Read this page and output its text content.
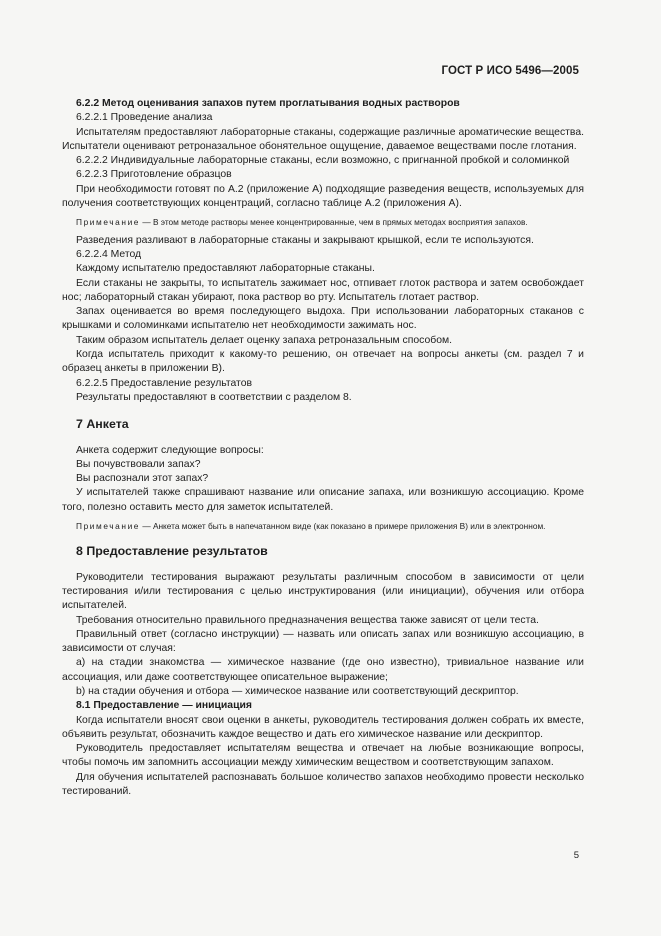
ГОСТ Р ИСО 5496—2005

6.2.2 Метод оценивания запахов путем проглатывания водных растворов

6.2.2.1 Проведение анализа

Испытателям предоставляют лабораторные стаканы, содержащие различные ароматические вещества. Испытатели оценивают ретроназальное обонятельное ощущение, даваемое веществами после глотания.

6.2.2.2 Индивидуальные лабораторные стаканы, если возможно, с пригнанной пробкой и соломинкой

6.2.2.3 Приготовление образцов

При необходимости готовят по А.2 (приложение А) подходящие разведения веществ, используемых для получения соответствующих концентраций, согласно таблице А.2 (приложения А).

Примечание — В этом методе растворы менее концентрированные, чем в прямых методах восприятия запахов.

Разведения разливают в лабораторные стаканы и закрывают крышкой, если те используются.

6.2.2.4 Метод

Каждому испытателю предоставляют лабораторные стаканы.

Если стаканы не закрыты, то испытатель зажимает нос, отпивает глоток раствора и затем освобождает нос; лабораторный стакан убирают, пока раствор во рту. Испытатель глотает раствор.

Запах оценивается во время последующего выдоха. При использовании лабораторных стаканов с крышками и соломинками испытателю нет необходимости зажимать нос.

Таким образом испытатель делает оценку запаха ретроназальным способом.

Когда испытатель приходит к какому-то решению, он отвечает на вопросы анкеты (см. раздел 7 и образец анкеты в приложении В).

6.2.2.5 Предоставление результатов

Результаты предоставляют в соответствии с разделом 8.

7 Анкета

Анкета содержит следующие вопросы:

Вы почувствовали запах?

Вы распознали этот запах?

У испытателей также спрашивают название или описание запаха, или возникшую ассоциацию. Кроме того, полезно оставить место для заметок испытателей.

Примечание — Анкета может быть в напечатанном виде (как показано в примере приложения В) или в электронном.

8 Предоставление результатов

Руководители тестирования выражают результаты различным способом в зависимости от цели тестирования и/или тестирования с целью инструктирования (или инициации), обучения или отбора испытателей.

Требования относительно правильного предназначения вещества также зависят от цели теста.

Правильный ответ (согласно инструкции) — назвать или описать запах или возникшую ассоциацию, в зависимости от случая:

а) на стадии знакомства — химическое название (где оно известно), тривиальное название или ассоциация, или даже соответствующее описательное выражение;

b) на стадии обучения и отбора — химическое название или соответствующий дескриптор.

8.1 Предоставление — инициация

Когда испытатели вносят свои оценки в анкеты, руководитель тестирования должен собрать их вместе, объявить результат, обозначить каждое вещество и дать его химическое название или дескриптор.

Руководитель предоставляет испытателям вещества и отвечает на любые возникающие вопросы, чтобы помочь им запомнить ассоциации между химическим веществом и соответствующим запахом.

Для обучения испытателей распознавать большое количество запахов необходимо провести несколько тестирований.

5
